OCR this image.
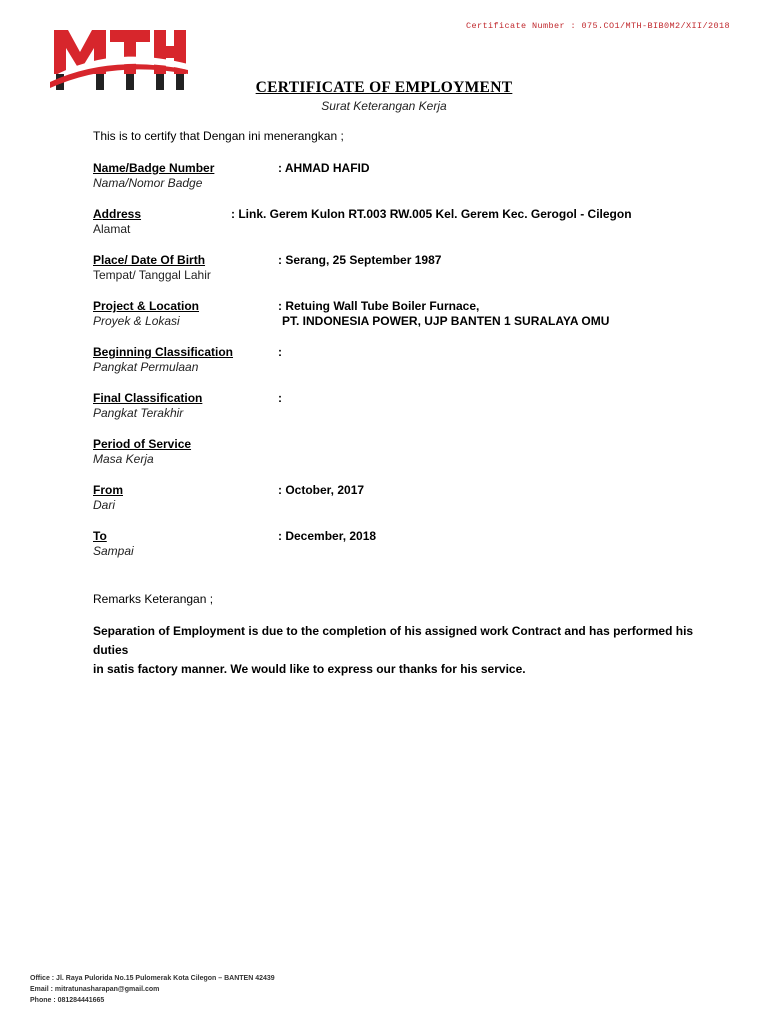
Certificate Number : 075.CO1/MTH-BIB0M2/XII/2018
CERTIFICATE OF EMPLOYMENT
Surat Keterangan Kerja
This is to certify that Dengan ini menerangkan ;
Name/Badge Number
Nama/Nomor Badge
: AHMAD HAFID
Address
Alamat
: Link. Gerem Kulon RT.003 RW.005 Kel. Gerem Kec. Gerogol - Cilegon
Place/ Date Of Birth
Tempat/ Tanggal Lahir
: Serang, 25 September 1987
Project & Location
Proyek & Lokasi
: Retuing Wall Tube Boiler Furnace,
PT. INDONESIA POWER, UJP BANTEN 1 SURALAYA OMU
Beginning Classification
Pangkat Permulaan
:
Final Classification
Pangkat Terakhir
:
Period of Service
Masa Kerja
From
Dari
: October, 2017
To
Sampai
: December, 2018
Remarks Keterangan ;
Separation of Employment is due to the completion of his assigned work Contract and has performed his duties
in satis factory manner. We would like to express our thanks for his service.
Office : Jl. Raya Pulorida No.15 Pulomerak Kota Cilegon – BANTEN 42439
Email : mitratunasharapan@gmail.com
Phone : 081284441665
